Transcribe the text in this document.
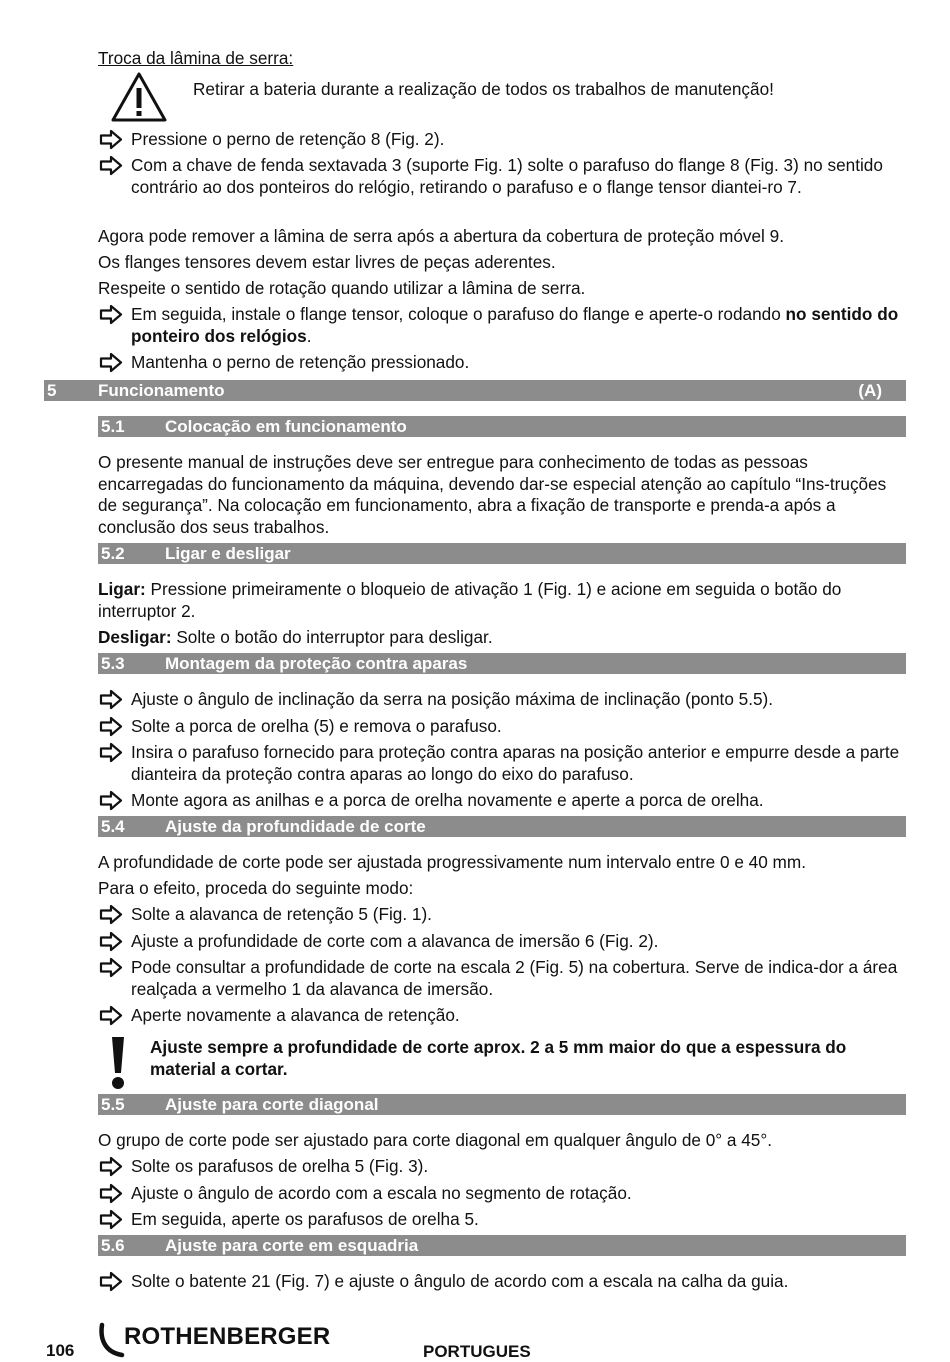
Troca da lâmina de serra:
Retirar a bateria durante a realização de todos os trabalhos de manutenção!
Pressione o perno de retenção 8 (Fig. 2).
Com a chave de fenda sextavada 3 (suporte Fig. 1) solte o parafuso do flange 8 (Fig. 3) no sentido contrário ao dos ponteiros do relógio, retirando o parafuso e o flange tensor diantei-ro 7.
Agora pode remover a lâmina de serra após a abertura da cobertura de proteção móvel 9.
Os flanges tensores devem estar livres de peças aderentes.
Respeite o sentido de rotação quando utilizar a lâmina de serra.
Em seguida, instale o flange tensor, coloque o parafuso do flange e aperte-o rodando no sentido do ponteiro dos relógios.
Mantenha o perno de retenção pressionado.
5 Funcionamento	(A)
5.1 Colocação em funcionamento
O presente manual de instruções deve ser entregue para conhecimento de todas as pessoas encarregadas do funcionamento da máquina, devendo dar-se especial atenção ao capítulo “Ins-truções de segurança”. Na colocação em funcionamento, abra a fixação de transporte e prenda-a após a conclusão dos seus trabalhos.
5.2 Ligar e desligar
Ligar: Pressione primeiramente o bloqueio de ativação 1 (Fig. 1) e acione em seguida o botão do interruptor 2.
Desligar: Solte o botão do interruptor para desligar.
5.3 Montagem da proteção contra aparas
Ajuste o ângulo de inclinação da serra na posição máxima de inclinação (ponto 5.5).
Solte a porca de orelha (5) e remova o parafuso.
Insira o parafuso fornecido para proteção contra aparas na posição anterior e empurre desde a parte dianteira da proteção contra aparas ao longo do eixo do parafuso.
Monte agora as anilhas e a porca de orelha novamente e aperte a porca de orelha.
5.4 Ajuste da profundidade de corte
A profundidade de corte pode ser ajustada progressivamente num intervalo entre 0 e 40 mm.
Para o efeito, proceda do seguinte modo:
Solte a alavanca de retenção 5 (Fig. 1).
Ajuste a profundidade de corte com a alavanca de imersão 6 (Fig. 2).
Pode consultar a profundidade de corte na escala 2 (Fig. 5) na cobertura. Serve de indica-dor a área realçada a vermelho 1 da alavanca de imersão.
Aperte novamente a alavanca de retenção.
Ajuste sempre a profundidade de corte aprox. 2 a 5 mm maior do que a espessura do material a cortar.
5.5 Ajuste para corte diagonal
O grupo de corte pode ser ajustado para corte diagonal em qualquer ângulo de 0° a 45°.
Solte os parafusos de orelha 5 (Fig. 3).
Ajuste o ângulo de acordo com a escala no segmento de rotação.
Em seguida, aperte os parafusos de orelha 5.
5.6 Ajuste para corte em esquadria
Solte o batente 21 (Fig. 7) e ajuste o ângulo de acordo com a escala na calha da guia.
106
ROTHENBERGER
PORTUGUES
